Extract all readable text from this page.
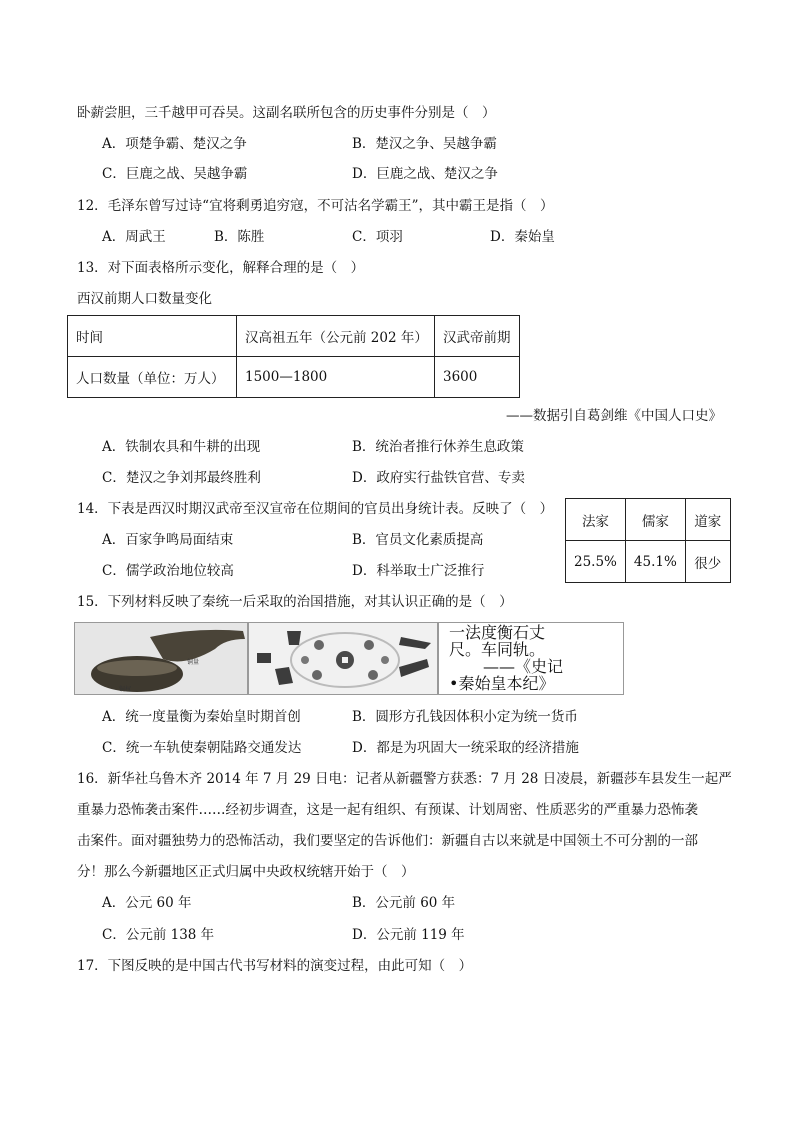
卧薪尝胆，三千越甲可吞吴。这副名联所包含的历史事件分别是（　）
A．项楚争霸、楚汉之争	B．楚汉之争、吴越争霸
C．巨鹿之战、吴越争霸	D．巨鹿之战、楚汉之争
12．毛泽东曾写过诗“宜将剩勇追穷寇，不可沽名学霸王”，其中霸王是指（　）
A．周武王	B．陈胜	C．项羽	D．秦始皇
13．对下面表格所示变化，解释合理的是（　）
西汉前期人口数量变化
时间	汉高祖五年（公元前 202 年）	汉武帝前期
人口数量（单位：万人）	1500—1800	3600
——数据引自葛剑维《中国人口史》
A．铁制农具和牛耕的出现	B．统治者推行休养生息政策
C．楚汉之争刘邦最终胜利	D．政府实行盐铁官营、专卖
14．下表是西汉时期汉武帝至汉宣帝在位期间的官员出身统计表。反映了（　）
A．百家争鸣局面结束	B．官员文化素质提高
C．儒学政治地位较高	D．科举取士广泛推行
法家	儒家	道家
25.5%	45.1%	很少
15．下列材料反映了秦统一后采取的治国措施，对其认识正确的是（　）
铜量
铜权
一法度衡石丈
尺。车同轨。
——《史记
•秦始皇本纪》
A．统一度量衡为秦始皇时期首创	B．圆形方孔钱因体积小定为统一货币
C．统一车轨使秦朝陆路交通发达	D．都是为巩固大一统采取的经济措施
16．新华社乌鲁木齐 2014 年 7 月 29 日电：记者从新疆警方获悉：7 月 28 日凌晨，新疆莎车县发生一起严
重暴力恐怖袭击案件……经初步调查，这是一起有组织、有预谋、计划周密、性质恶劣的严重暴力恐怖袭
击案件。面对疆独势力的恐怖活动，我们要坚定的告诉他们：新疆自古以来就是中国领土不可分割的一部
分！那么今新疆地区正式归属中央政权统辖开始于（　）
A．公元 60 年	B．公元前 60 年
C．公元前 138 年	D．公元前 119 年
17．下图反映的是中国古代书写材料的演变过程，由此可知（　）
